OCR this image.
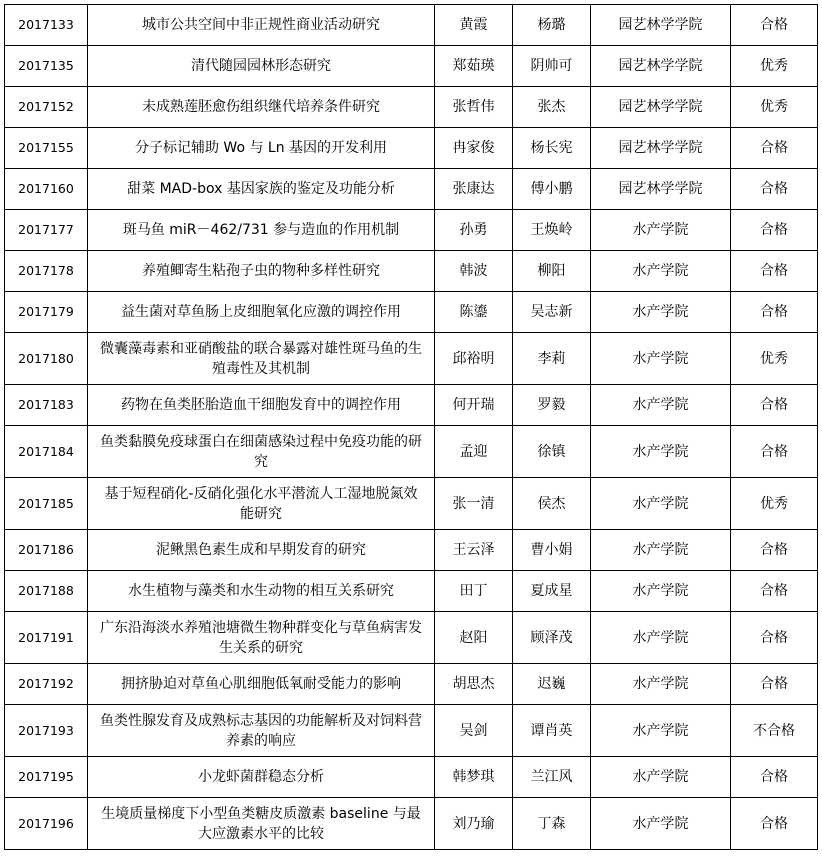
2017133	城市公共空间中非正规性商业活动研究	黄霞	杨璐	园艺林学学院	合格
2017135	清代随园园林形态研究	郑茹瑛	阴帅可	园艺林学学院	优秀
2017152	未成熟莲胚愈伤组织继代培养条件研究	张哲伟	张杰	园艺林学学院	优秀
2017155	分子标记辅助 Wo 与 Ln 基因的开发利用	冉家俊	杨长宪	园艺林学学院	合格
2017160	甜菜 MAD-box 基因家族的鉴定及功能分析	张康达	傅小鹏	园艺林学学院	合格
2017177	斑马鱼 miR－462/731 参与造血的作用机制	孙勇	王焕岭	水产学院	合格
2017178	养殖鲫寄生粘孢子虫的物种多样性研究	韩波	柳阳	水产学院	合格
2017179	益生菌对草鱼肠上皮细胞氧化应激的调控作用	陈鎏	吴志新	水产学院	合格
2017180	微囊藻毒素和亚硝酸盐的联合暴露对雄性斑马鱼的生殖毒性及其机制	邱裕明	李莉	水产学院	优秀
2017183	药物在鱼类胚胎造血干细胞发育中的调控作用	何开瑞	罗毅	水产学院	合格
2017184	鱼类黏膜免疫球蛋白在细菌感染过程中免疫功能的研究	孟迎	徐镇	水产学院	合格
2017185	基于短程硝化-反硝化强化水平潜流人工湿地脱氮效能研究	张一清	侯杰	水产学院	优秀
2017186	泥鳅黑色素生成和早期发育的研究	王云泽	曹小娟	水产学院	合格
2017188	水生植物与藻类和水生动物的相互关系研究	田丁	夏成星	水产学院	合格
2017191	广东沿海淡水养殖池塘微生物种群变化与草鱼病害发生关系的研究	赵阳	顾泽茂	水产学院	合格
2017192	拥挤胁迫对草鱼心肌细胞低氧耐受能力的影响	胡思杰	迟巍	水产学院	合格
2017193	鱼类性腺发育及成熟标志基因的功能解析及对饲料营养素的响应	吴剑	谭肖英	水产学院	不合格
2017195	小龙虾菌群稳态分析	韩梦琪	兰江风	水产学院	合格
2017196	生境质量梯度下小型鱼类糖皮质激素 baseline 与最大应激素水平的比较	刘乃瑜	丁森	水产学院	合格
